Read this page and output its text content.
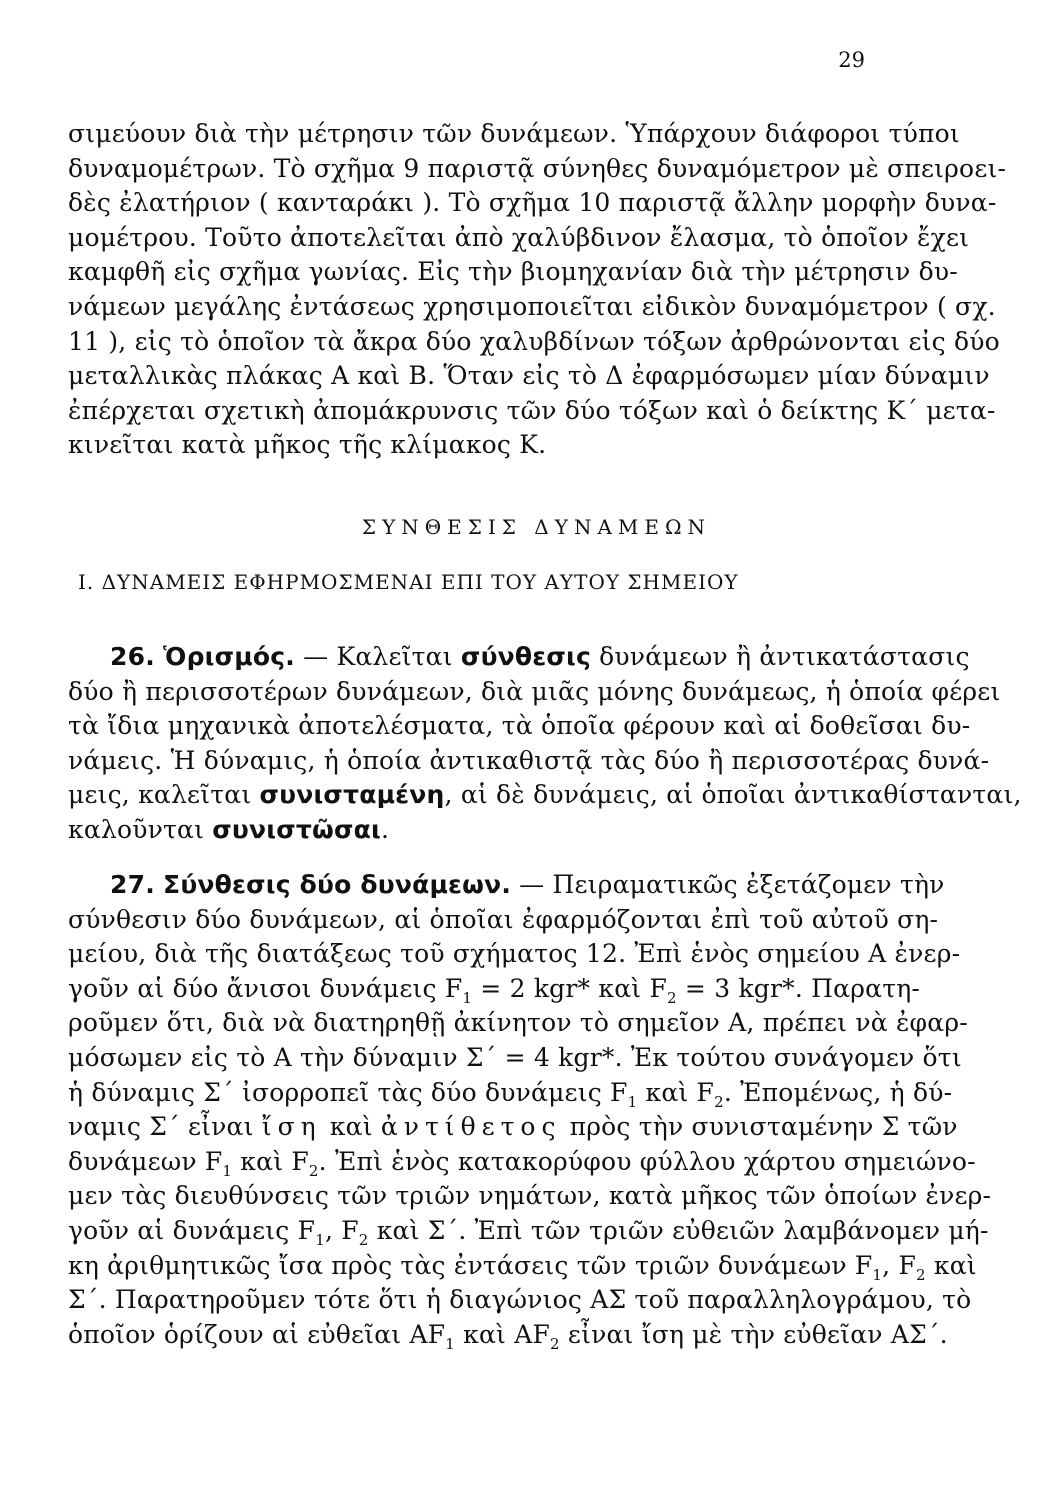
29
σιμεύουν διὰ τὴν μέτρησιν τῶν δυνάμεων. Ὑπάρχουν διάφοροι τύποι
δυναμομέτρων. Τὸ σχῆμα 9 παριστᾷ σύνηθες δυναμόμετρον μὲ σπειροει-
δὲς ἐλατήριον ( κανταράκι ). Τὸ σχῆμα 10 παριστᾷ ἄλλην μορφὴν δυνα-
μομέτρου. Τοῦτο ἀποτελεῖται ἀπὸ χαλύβδινον ἔλασμα, τὸ ὁποῖον ἔχει
καμφθῆ εἰς σχῆμα γωνίας. Εἰς τὴν βιομηχανίαν διὰ τὴν μέτρησιν δυ-
νάμεων μεγάλης ἐντάσεως χρησιμοποιεῖται εἰδικὸν δυναμόμετρον ( σχ.
11 ), εἰς τὸ ὁποῖον τὰ ἄκρα δύο χαλυβδίνων τόξων ἀρθρώνονται εἰς δύο
μεταλλικὰς πλάκας Α καὶ Β. Ὅταν εἰς τὸ Δ ἐφαρμόσωμεν μίαν δύναμιν
ἐπέρχεται σχετικὴ ἀπομάκρυνσις τῶν δύο τόξων καὶ ὁ δείκτης Κ΄ μετα-
κινεῖται κατὰ μῆκος τῆς κλίμακος Κ.
ΣΥΝΘΕΣΙΣ ΔΥΝΑΜΕΩΝ
Ι. ΔΥΝΑΜΕΙΣ ΕΦΗΡΜΟΣΜΕΝΑΙ ΕΠΙ ΤΟΥ ΑΥΤΟΥ ΣΗΜΕΙΟΥ
26. Ὁρισμός. — Καλεῖται σύνθεσις δυνάμεων ἢ ἀντικατάστασις
δύο ἢ περισσοτέρων δυνάμεων, διὰ μιᾶς μόνης δυνάμεως, ἡ ὁποία φέρει
τὰ ἴδια μηχανικὰ ἀποτελέσματα, τὰ ὁποῖα φέρουν καὶ αἱ δοθεῖσαι δυ-
νάμεις. Ἡ δύναμις, ἡ ὁποία ἀντικαθιστᾷ τὰς δύο ἢ περισσοτέρας δυνά-
μεις, καλεῖται συνισταμένη, αἱ δὲ δυνάμεις, αἱ ὁποῖαι ἀντικαθίστανται,
καλοῦνται συνιστῶσαι.
27. Σύνθεσις δύο δυνάμεων. — Πειραματικῶς ἐξετάζομεν τὴν
σύνθεσιν δύο δυνάμεων, αἱ ὁποῖαι ἐφαρμόζονται ἐπὶ τοῦ αὐτοῦ ση-
μείου, διὰ τῆς διατάξεως τοῦ σχήματος 12. Ἐπὶ ἑνὸς σημείου Α ἐνερ-
γοῦν αἱ δύο ἄνισοι δυνάμεις $F_1 = 2$ kgr* καὶ $F_2 = 3$ kgr*. Παρατη-
ροῦμεν ὅτι, διὰ νὰ διατηρηθῇ ἀκίνητον τὸ σημεῖον Α, πρέπει νὰ ἐφαρ-
μόσωμεν εἰς τὸ Α τὴν δύναμιν Σ΄ = 4 kgr*. Ἐκ τούτου συνάγομεν ὅτι
ἡ δύναμις Σ΄ ἰσορροπεῖ τὰς δύο δυνάμεις $F_1$ καὶ $F_2$. Ἐπομένως, ἡ δύ-
ναμις Σ΄ εἶναι ἴση καὶ ἀντίθετος πρὸς τὴν συνισταμένην Σ τῶν
δυνάμεων $F_1$ καὶ $F_2$. Ἐπὶ ἑνὸς κατακορύφου φύλλου χάρτου σημειώνο-
μεν τὰς διευθύνσεις τῶν τριῶν νημάτων, κατὰ μῆκος τῶν ὁποίων ἐνερ-
γοῦν αἱ δυνάμεις $F_1$, $F_2$ καὶ Σ΄. Ἐπὶ τῶν τριῶν εὐθειῶν λαμβάνομεν μή-
κη ἀριθμητικῶς ἴσα πρὸς τὰς ἐντάσεις τῶν τριῶν δυνάμεων $F_1$, $F_2$ καὶ
Σ΄. Παρατηροῦμεν τότε ὅτι ἡ διαγώνιος ΑΣ τοῦ παραλληλογράμου, τὸ
ὁποῖον ὁρίζουν αἱ εὐθεῖαι $AF_1$ καὶ $AF_2$ εἶναι ἴση μὲ τὴν εὐθεῖαν ΑΣ΄.
